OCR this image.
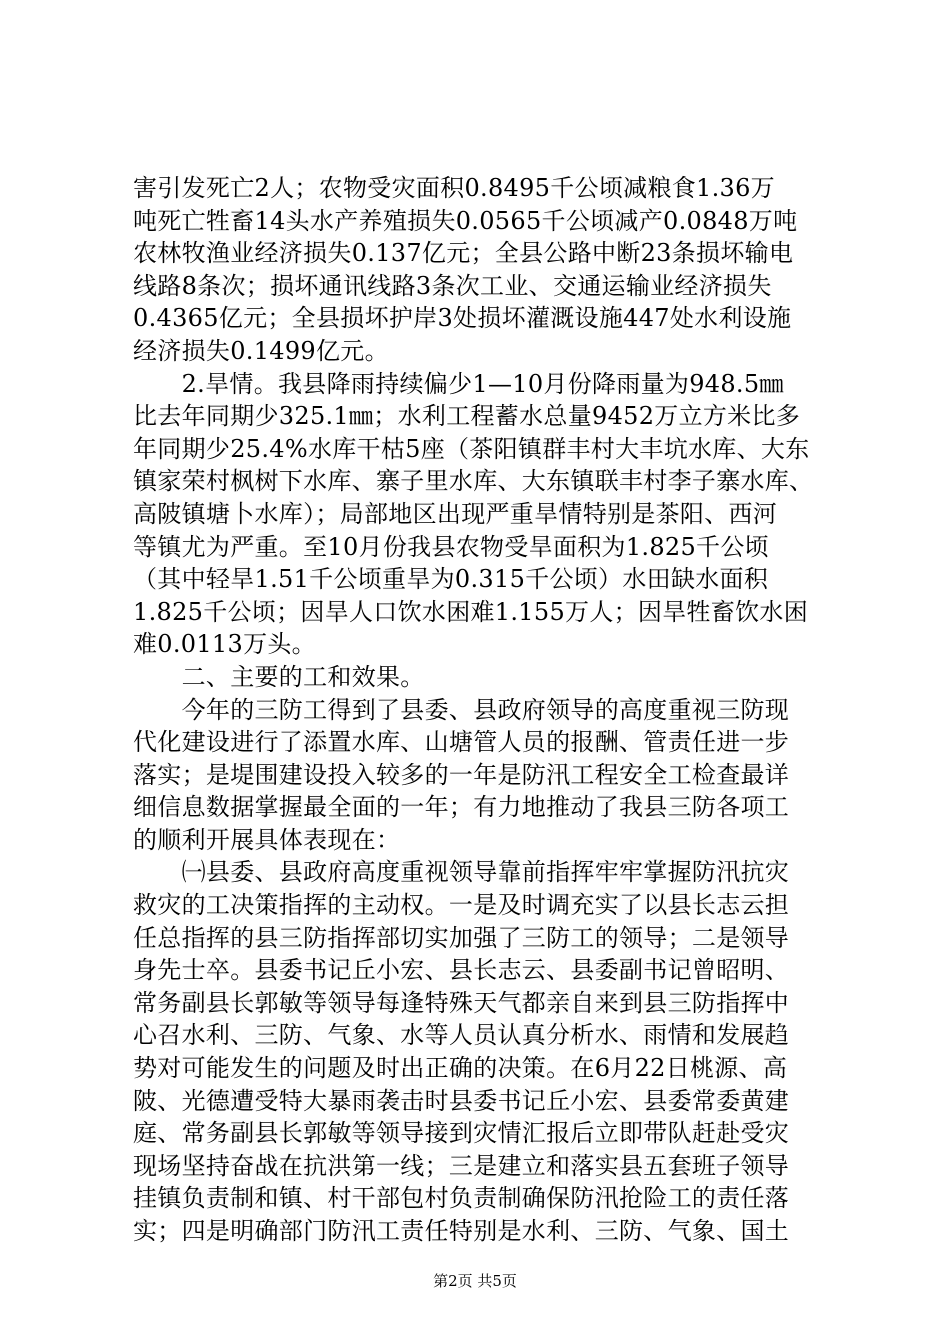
害引发死亡2人；农物受灾面积0.8495千公顷减粮食1.36万
吨死亡牲畜14头水产养殖损失0.0565千公顷减产0.0848万吨
农林牧渔业经济损失0.137亿元；全县公路中断23条损坏输电
线路8条次；损坏通讯线路3条次工业、交通运输业经济损失
0.4365亿元；全县损坏护岸3处损坏灌溉设施447处水利设施
经济损失0.1499亿元。
　　2.旱情。我县降雨持续偏少1—10月份降雨量为948.5㎜
比去年同期少325.1㎜；水利工程蓄水总量9452万立方米比多
年同期少25.4%水库干枯5座（茶阳镇群丰村大丰坑水库、大东
镇家荣村枫树下水库、寨子里水库、大东镇联丰村李子寨水库、
高陂镇塘卜水库）；局部地区出现严重旱情特别是茶阳、西河
等镇尤为严重。至10月份我县农物受旱面积为1.825千公顷
（其中轻旱1.51千公顷重旱为0.315千公顷）水田缺水面积
1.825千公顷；因旱人口饮水困难1.155万人；因旱牲畜饮水困
难0.0113万头。
　　二、主要的工和效果。
　　今年的三防工得到了县委、县政府领导的高度重视三防现
代化建设进行了添置水库、山塘管人员的报酬、管责任进一步
落实；是堤围建设投入较多的一年是防汛工程安全工检查最详
细信息数据掌握最全面的一年；有力地推动了我县三防各项工
的顺利开展具体表现在：
　　㈠县委、县政府高度重视领导靠前指挥牢牢掌握防汛抗灾
救灾的工决策指挥的主动权。一是及时调充实了以县长志云担
任总指挥的县三防指挥部切实加强了三防工的领导；二是领导
身先士卒。县委书记丘小宏、县长志云、县委副书记曾昭明、
常务副县长郭敏等领导每逢特殊天气都亲自来到县三防指挥中
心召水利、三防、气象、水等人员认真分析水、雨情和发展趋
势对可能发生的问题及时出正确的决策。在6月22日桃源、高
陂、光德遭受特大暴雨袭击时县委书记丘小宏、县委常委黄建
庭、常务副县长郭敏等领导接到灾情汇报后立即带队赶赴受灾
现场坚持奋战在抗洪第一线；三是建立和落实县五套班子领导
挂镇负责制和镇、村干部包村负责制确保防汛抢险工的责任落
实；四是明确部门防汛工责任特别是水利、三防、气象、国土
第2页 共5页
